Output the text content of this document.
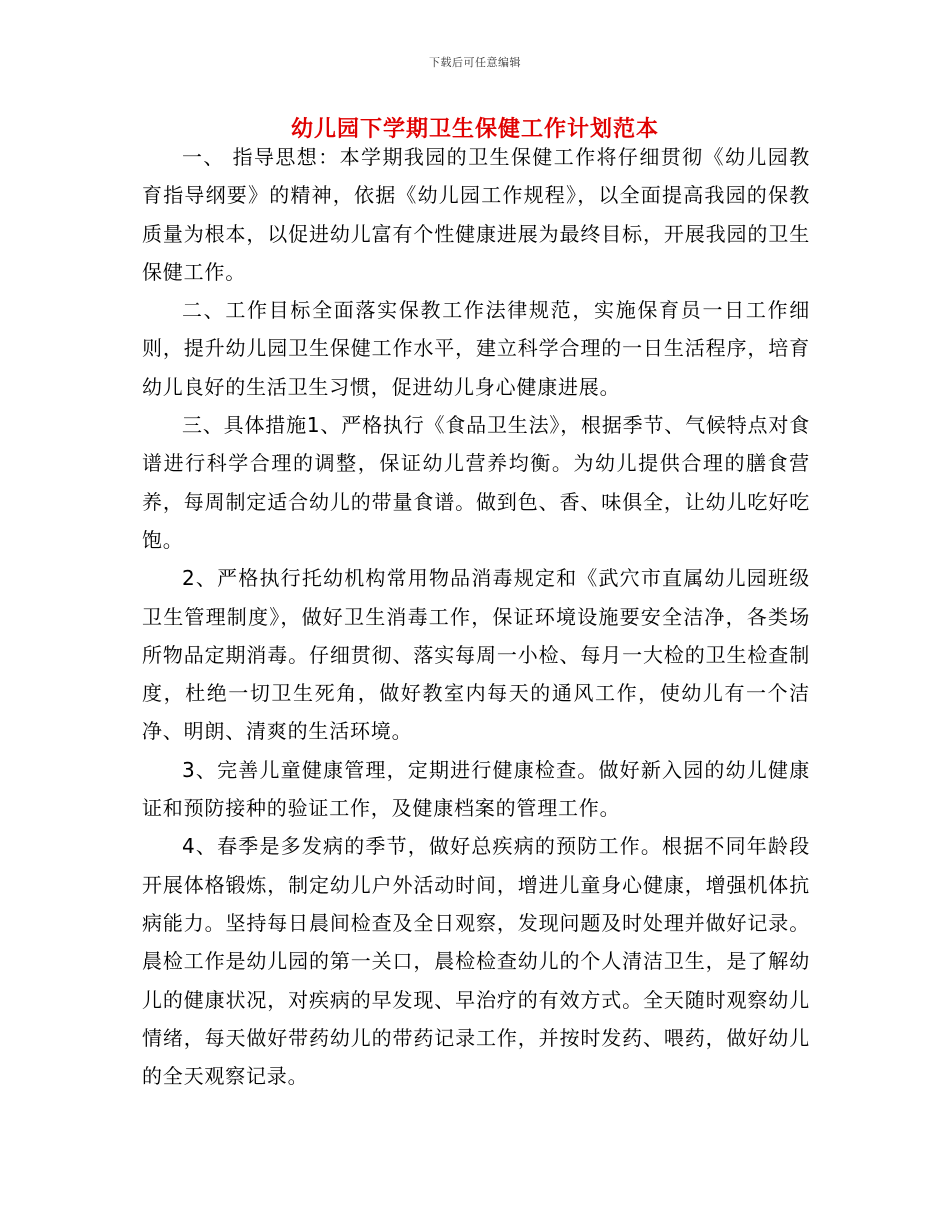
下载后可任意编辑
幼儿园下学期卫生保健工作计划范本

一、 指导思想：本学期我园的卫生保健工作将仔细贯彻《幼儿园教育指导纲要》的精神，依据《幼儿园工作规程》，以全面提高我园的保教质量为根本，以促进幼儿富有个性健康进展为最终目标，开展我园的卫生保健工作。

二、工作目标全面落实保教工作法律规范，实施保育员一日工作细则，提升幼儿园卫生保健工作水平，建立科学合理的一日生活程序，培育幼儿良好的生活卫生习惯，促进幼儿身心健康进展。

三、具体措施1、严格执行《食品卫生法》，根据季节、气候特点对食谱进行科学合理的调整，保证幼儿营养均衡。为幼儿提供合理的膳食营养，每周制定适合幼儿的带量食谱。做到色、香、味俱全，让幼儿吃好吃饱。

2、严格执行托幼机构常用物品消毒规定和《武穴市直属幼儿园班级卫生管理制度》，做好卫生消毒工作，保证环境设施要安全洁净，各类场所物品定期消毒。仔细贯彻、落实每周一小检、每月一大检的卫生检查制度，杜绝一切卫生死角，做好教室内每天的通风工作，使幼儿有一个洁净、明朗、清爽的生活环境。

3、完善儿童健康管理，定期进行健康检查。做好新入园的幼儿健康证和预防接种的验证工作，及健康档案的管理工作。

4、春季是多发病的季节，做好总疾病的预防工作。根据不同年龄段开展体格锻炼，制定幼儿户外活动时间，增进儿童身心健康，增强机体抗病能力。坚持每日晨间检查及全日观察，发现问题及时处理并做好记录。晨检工作是幼儿园的第一关口，晨检检查幼儿的个人清洁卫生，是了解幼儿的健康状况，对疾病的早发现、早治疗的有效方式。全天随时观察幼儿情绪，每天做好带药幼儿的带药记录工作，并按时发药、喂药，做好幼儿的全天观察记录。
